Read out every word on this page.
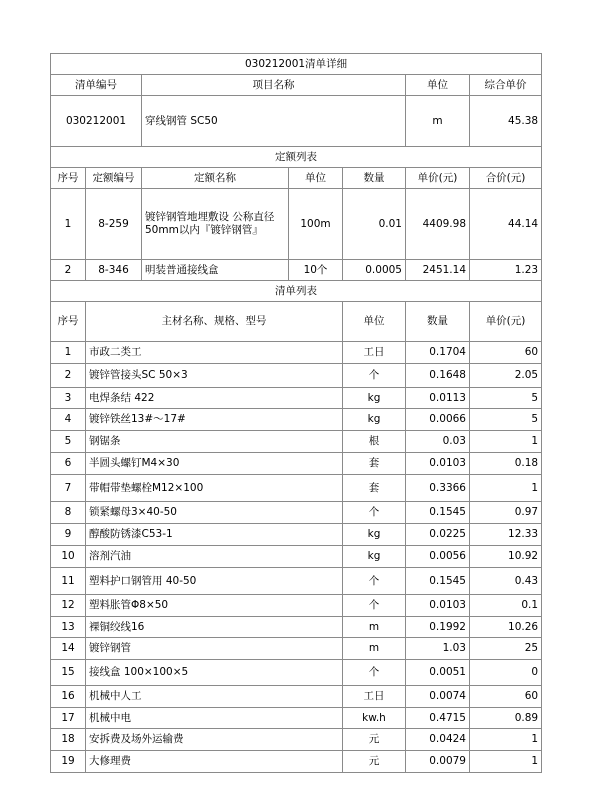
030212001清单详细							
清单编号		项目名称			单位	综合单价	
030212001		穿线钢管 SC50			m	45.38	
定额列表							
序号	定额编号	定额名称	单位	数量	单价(元)	合价(元)	
1	8-259	镀锌钢管地埋敷设 公称直径50mm以内『镀锌钢管』	100m	0.01	4409.98	44.14	
2	8-346	明装普通接线盒	10个	0.0005	2451.14	1.23	
清单列表							
序号	主材名称、规格、型号			单位	数量	单价(元)	
1	市政二类工			工日	0.1704	60	
2	镀锌管接头SC 50×3			个	0.1648	2.05	
3	电焊条结 422			kg	0.0113	5	
4	镀锌铁丝13#～17#			kg	0.0066	5	
5	钢锯条			根	0.03	1	
6	半圆头螺钉M4×30			套	0.0103	0.18	
7	带帽带垫螺栓M12×100			套	0.3366	1	
8	锁紧螺母3×40-50			个	0.1545	0.97	
9	醇酸防锈漆C53-1			kg	0.0225	12.33	
10	溶剂汽油			kg	0.0056	10.92	
11	塑料护口钢管用 40-50			个	0.1545	0.43	
12	塑料胀管Φ8×50			个	0.0103	0.1	
13	裸铜绞线16			m	0.1992	10.26	
14	镀锌钢管			m	1.03	25	
15	接线盒 100×100×5			个	0.0051	0	
16	机械中人工			工日	0.0074	60	
17	机械中电			kw.h	0.4715	0.89	
18	安拆费及场外运输费			元	0.0424	1	
19	大修理费			元	0.0079	1	
